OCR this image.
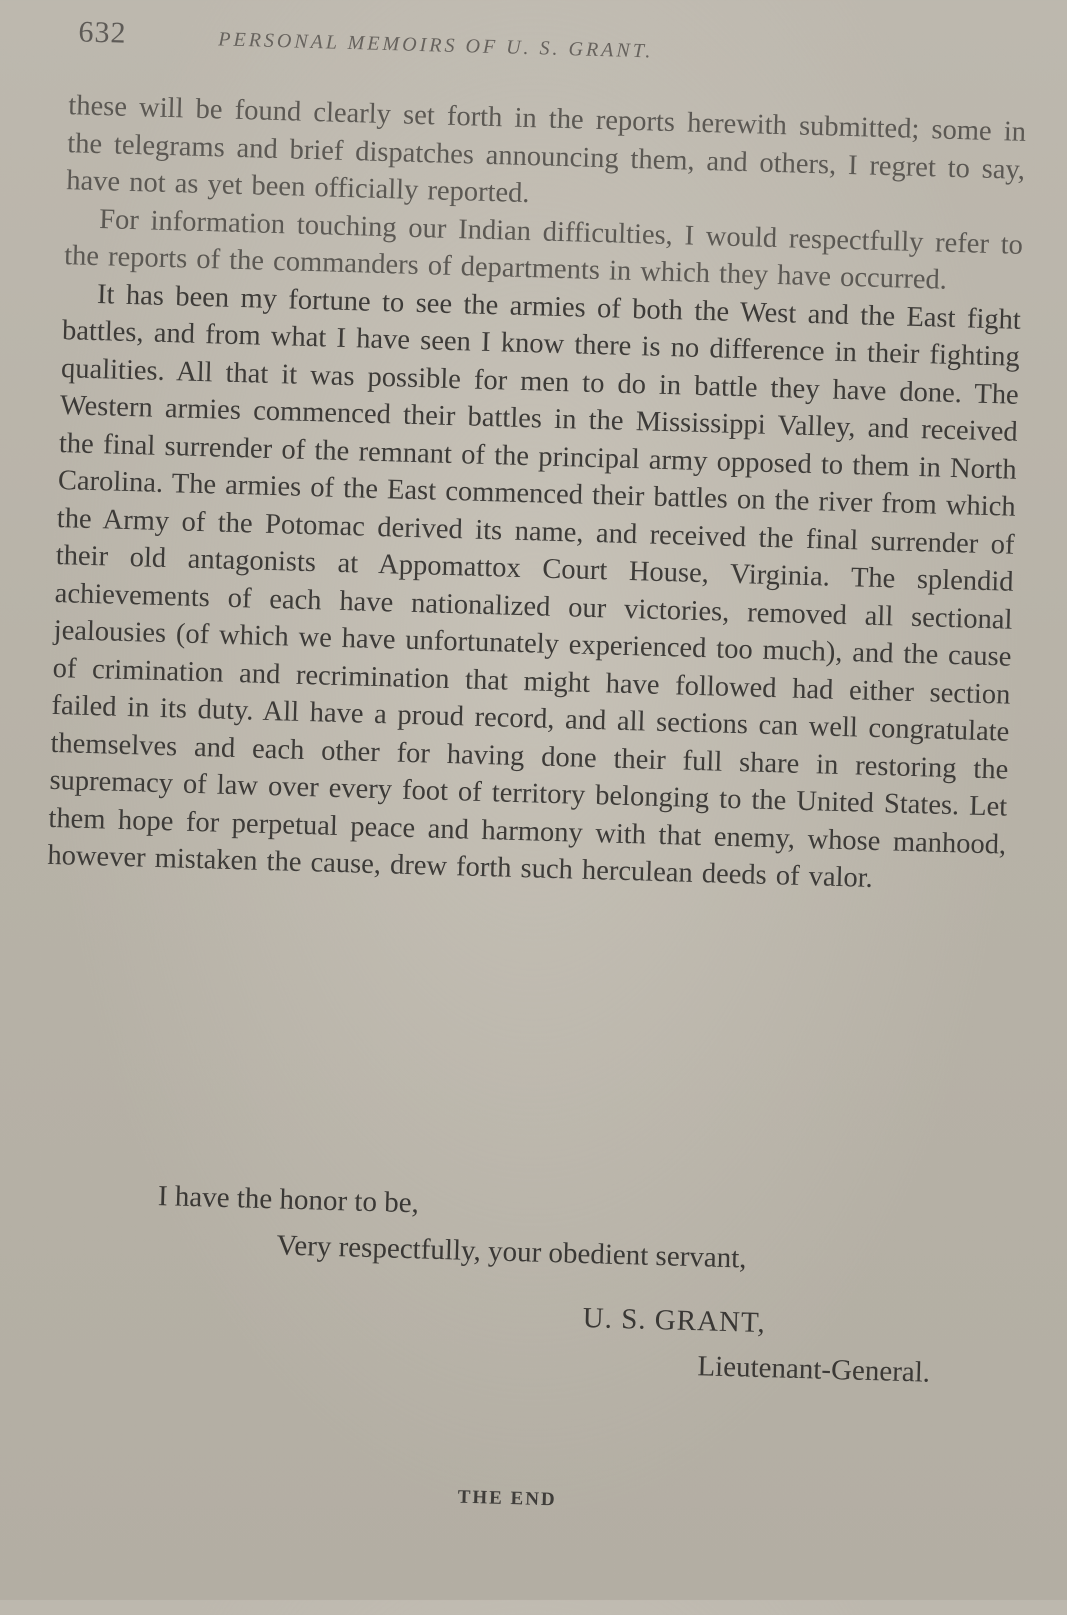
632	PERSONAL MEMOIRS OF U. S. GRANT.

these will be found clearly set forth in the reports herewith submitted; some in the telegrams and brief dispatches announcing them, and others, I regret to say, have not as yet been officially reported.

For information touching our Indian difficulties, I would respectfully refer to the reports of the commanders of departments in which they have occurred.

It has been my fortune to see the armies of both the West and the East fight battles, and from what I have seen I know there is no difference in their fighting qualities. All that it was possible for men to do in battle they have done. The Western armies commenced their battles in the Mississippi Valley, and received the final surrender of the remnant of the principal army opposed to them in North Carolina. The armies of the East commenced their battles on the river from which the Army of the Potomac derived its name, and received the final surrender of their old antagonists at Appomattox Court House, Virginia. The splendid achievements of each have nationalized our victories, removed all sectional jealousies (of which we have unfortunately experienced too much), and the cause of crimination and recrimination that might have followed had either section failed in its duty. All have a proud record, and all sections can well congratulate themselves and each other for having done their full share in restoring the supremacy of law over every foot of territory belonging to the United States. Let them hope for perpetual peace and harmony with that enemy, whose manhood, however mistaken the cause, drew forth such herculean deeds of valor.

I have the honor to be,
Very respectfully, your obedient servant,
U. S. GRANT,
Lieutenant-General.
THE END
